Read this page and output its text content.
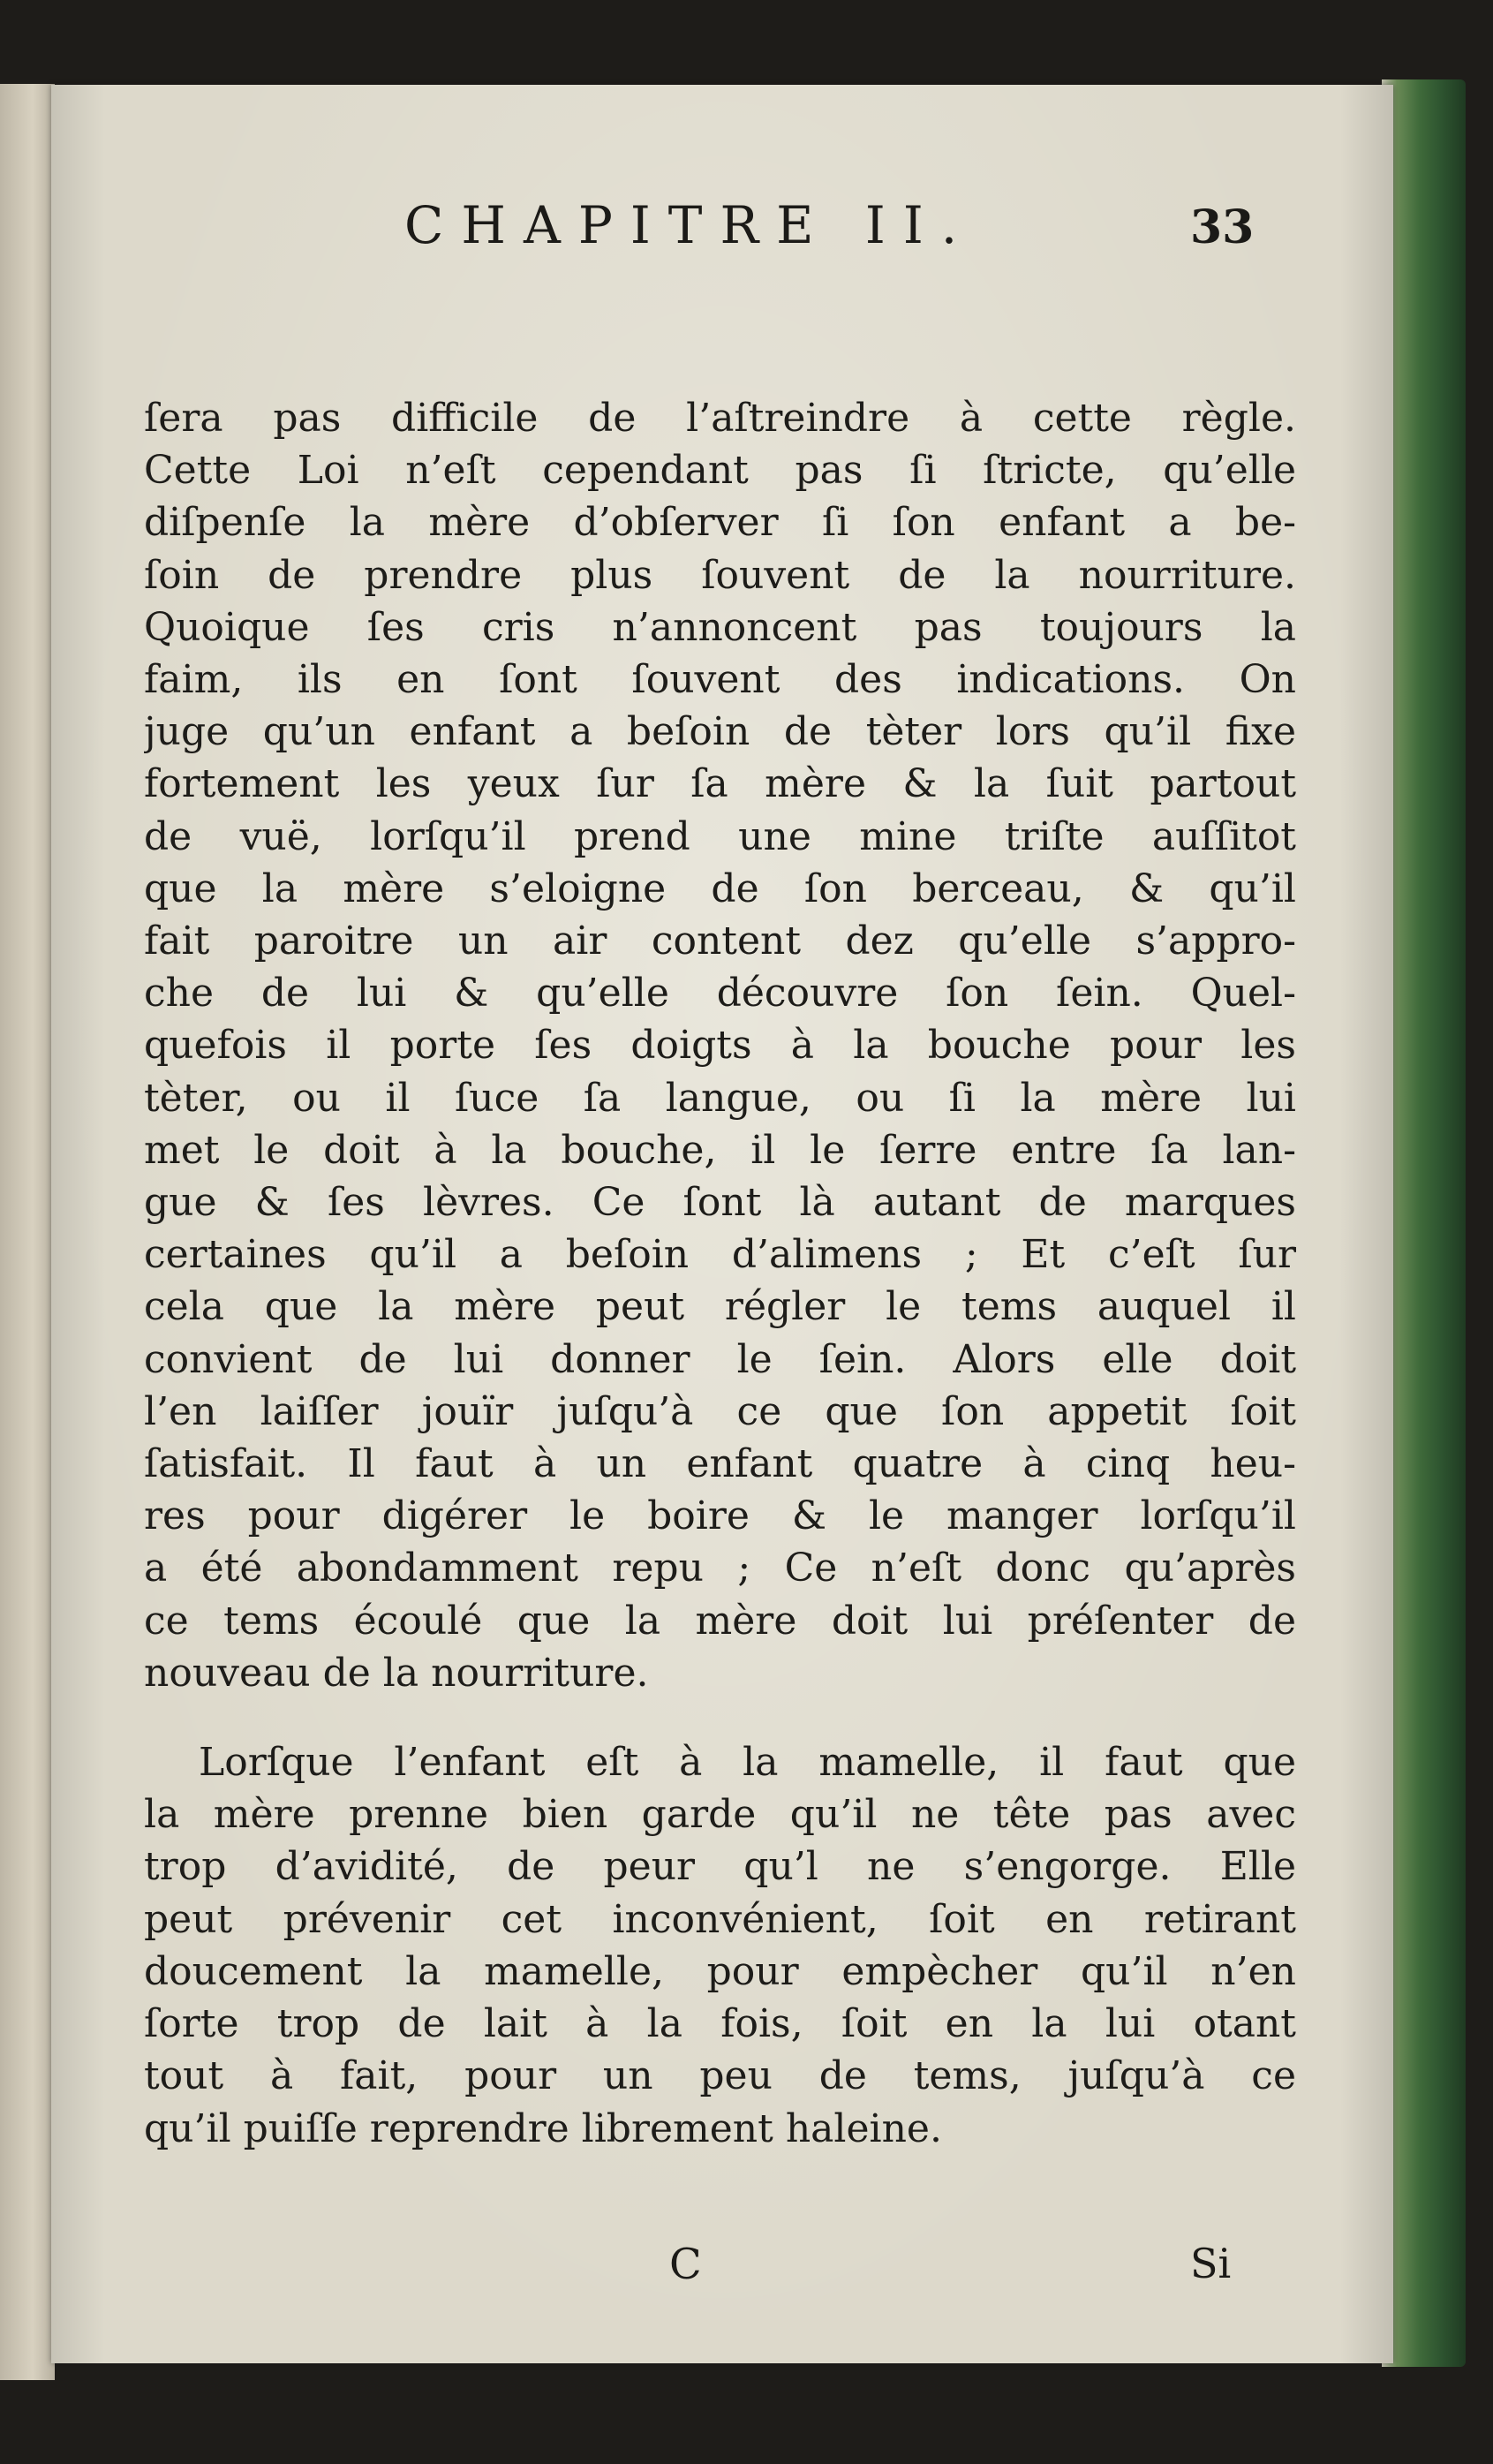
CHAPITRE II.	33

ſera pas difficile de l’aſtreindre à cette règle.
Cette Loi n’eſt cependant pas ſi ſtricte, qu’elle
diſpenſe la mère d’obſerver ſi ſon enfant a be-
ſoin de prendre plus ſouvent de la nourriture.
Quoique ſes cris n’annoncent pas toujours la
faim, ils en ſont ſouvent des indications. On
juge qu’un enfant a beſoin de tèter lors qu’il fixe
fortement les yeux ſur ſa mère & la ſuit partout
de vuë, lorſqu’il prend une mine triſte auſſitot
que la mère s’eloigne de ſon berceau, & qu’il
fait paroitre un air content dez qu’elle s’appro-
che de lui & qu’elle découvre ſon ſein. Quel-
quefois il porte ſes doigts à la bouche pour les
tèter, ou il ſuce ſa langue, ou ſi la mère lui
met le doit à la bouche, il le ſerre entre ſa lan-
gue & ſes lèvres. Ce ſont là autant de marques
certaines qu’il a beſoin d’alimens ; Et c’eſt ſur
cela que la mère peut régler le tems auquel il
convient de lui donner le ſein. Alors elle doit
l’en laiſſer jouïr juſqu’à ce que ſon appetit ſoit
ſatisfait. Il faut à un enfant quatre à cinq heu-
res pour digérer le boire & le manger lorſqu’il
a été abondamment repu ; Ce n’eſt donc qu’après
ce tems écoulé que la mère doit lui préſenter de
nouveau de la nourriture.

Lorſque l’enfant eſt à la mamelle, il faut que
la mère prenne bien garde qu’il ne tête pas avec
trop d’avidité, de peur qu’l ne s’engorge. Elle
peut prévenir cet inconvénient, ſoit en retirant
doucement la mamelle, pour empècher qu’il n’en
ſorte trop de lait à la fois, ſoit en la lui otant
tout à fait, pour un peu de tems, juſqu’à ce
qu’il puiſſe reprendre librement haleine.

C	Si
